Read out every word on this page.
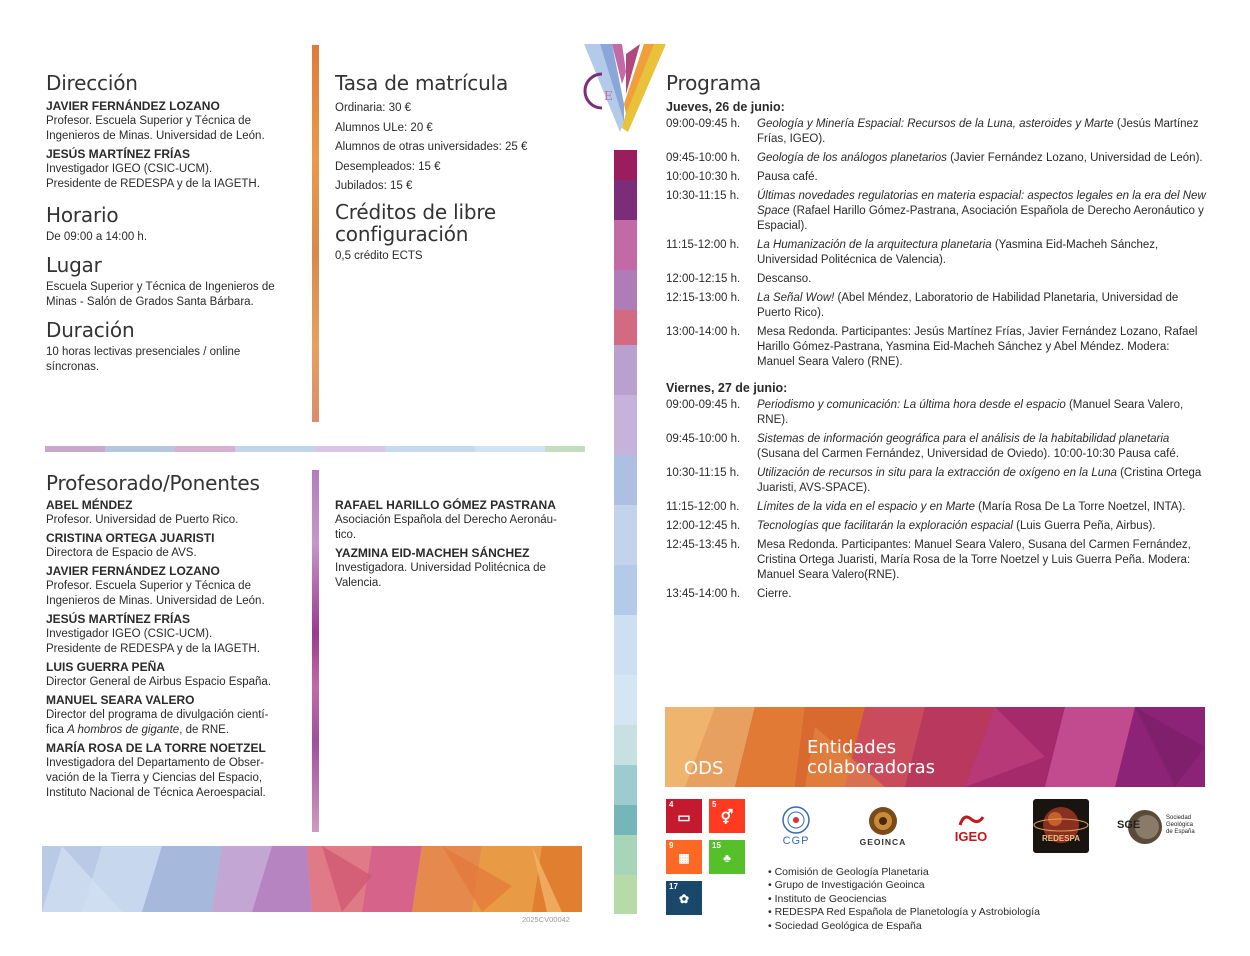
Dirección
JAVIER FERNÁNDEZ LOZANO
Profesor. Escuela Superior y Técnica de
Ingenieros de Minas. Universidad de León.
JESÚS MARTÍNEZ FRÍAS
Investigador IGEO (CSIC-UCM).
Presidente de REDESPA y de la IAGETH.
Horario
De 09:00 a 14:00 h.
Lugar
Escuela Superior y Técnica de Ingenieros de
Minas - Salón de Grados Santa Bárbara.
Duración
10 horas lectivas presenciales / online
síncronas.
Tasa de matrícula
Ordinaria: 30 €
Alumnos ULe: 20 €
Alumnos de otras universidades: 25 €
Desempleados: 15 €
Jubilados: 15 €
Créditos de libre
configuración
0,5 crédito ECTS
Profesorado/Ponentes
ABEL MÉNDEZ
Profesor. Universidad de Puerto Rico.
CRISTINA ORTEGA JUARISTI
Directora de Espacio de AVS.
JAVIER FERNÁNDEZ LOZANO
Profesor. Escuela Superior y Técnica de
Ingenieros de Minas. Universidad de León.
JESÚS MARTÍNEZ FRÍAS
Investigador IGEO (CSIC-UCM).
Presidente de REDESPA y de la IAGETH.
LUIS GUERRA PEÑA
Director General de Airbus Espacio España.
MANUEL SEARA VALERO
Director del programa de divulgación cientí-
fica A hombros de gigante, de RNE.
MARÍA ROSA DE LA TORRE NOETZEL
Investigadora del Departamento de Obser-
vación de la Tierra y Ciencias del Espacio,
Instituto Nacional de Técnica Aeroespacial.
RAFAEL HARILLO GÓMEZ PASTRANA
Asociación Española del Derecho Aeronáu-
tico.
YAZMINA EID-MACHEH SÁNCHEZ
Investigadora. Universidad Politécnica de
Valencia.
2025CV00042
E
Programa
Jueves, 26 de junio:
09:00-09:45 h.	Geología y Minería Espacial: Recursos de la Luna, asteroides y Marte (Jesús Martínez Frías, IGEO).
09:45-10:00 h.	Geología de los análogos planetarios (Javier Fernández Lozano, Universidad de León).
10:00-10:30 h.	Pausa café.
10:30-11:15 h.	Últimas novedades regulatorias en materia espacial: aspectos legales en la era del New Space (Rafael Harillo Gómez-Pastrana, Asociación Española de Derecho Aeronáutico y Espacial).
11:15-12:00 h.	La Humanización de la arquitectura planetaria (Yasmina Eid-Macheh Sánchez, Universidad Politécnica de Valencia).
12:00-12:15 h.	Descanso.
12:15-13:00 h.	La Señal Wow! (Abel Méndez, Laboratorio de Habilidad Planetaria, Universidad de Puerto Rico).
13:00-14:00 h.	Mesa Redonda. Participantes: Jesús Martínez Frías, Javier Fernández Lozano, Rafael Harillo Gómez-Pastrana, Yasmina Eid-Macheh Sánchez y Abel Méndez. Modera: Manuel Seara Valero (RNE).
Viernes, 27 de junio:
09:00-09:45 h.	Periodismo y comunicación: La última hora desde el espacio (Manuel Seara Valero, RNE).
09:45-10:00 h.	Sistemas de información geográfica para el análisis de la habitabilidad planetaria (Susana del Carmen Fernández, Universidad de Oviedo). 10:00-10:30 Pausa café.
10:30-11:15 h.	Utilización de recursos in situ para la extracción de oxígeno en la Luna (Cristina Ortega Juaristi, AVS-SPACE).
11:15-12:00 h.	Límites de la vida en el espacio y en Marte (María Rosa De La Torre Noetzel, INTA).
12:00-12:45 h.	Tecnologías que facilitarán la exploración espacial (Luis Guerra Peña, Airbus).
12:45-13:45 h.	Mesa Redonda. Participantes: Manuel Seara Valero, Susana del Carmen Fernández, Cristina Ortega Juaristi, María Rosa de la Torre Noetzel y Luis Guerra Peña. Modera: Manuel Seara Valero(RNE).
13:45-14:00 h.	Cierre.
ODS
Entidades
colaboradoras
4
▭
5
⚥
9
▦
15
♣
17
✿
CGP	GEOINCA	IGEO	REDESPA
SGE
Sociedad Geológica de España
• Comisión de Geología Planetaria
• Grupo de Investigación Geoinca
• Instituto de Geociencias
• REDESPA Red Española de Planetología y Astrobiología
• Sociedad Geológica de España
